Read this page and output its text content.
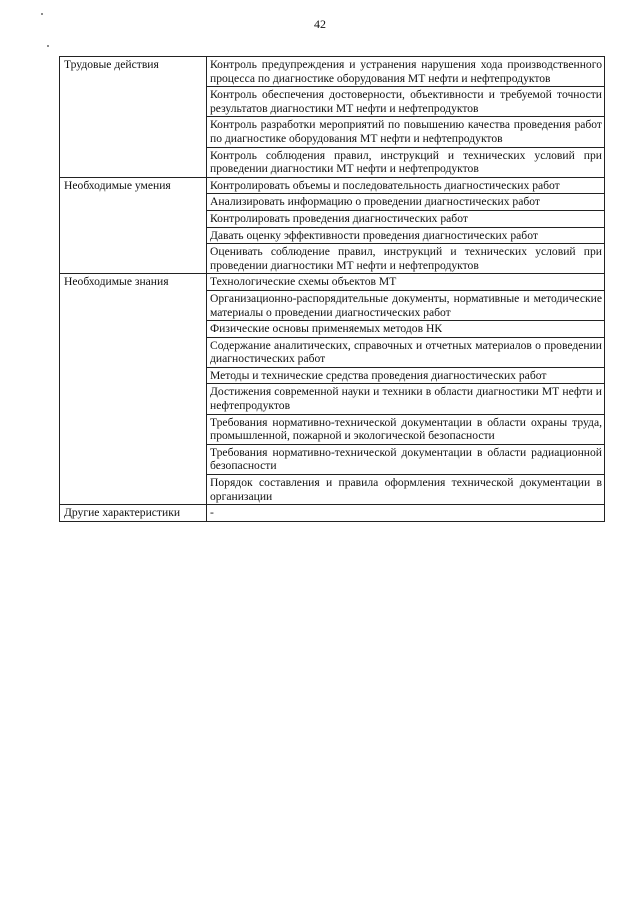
42
Трудовые действия	Контроль предупреждения и устранения нарушения хода производственного процесса по диагностике оборудования МТ нефти и нефтепродуктов
	Контроль обеспечения достоверности, объективности и требуемой точности результатов диагностики МТ нефти и нефтепродуктов
	Контроль разработки мероприятий по повышению качества проведения работ по диагностике оборудования МТ нефти и нефтепродуктов
	Контроль соблюдения правил, инструкций и технических условий при проведении диагностики МТ нефти и нефтепродуктов
Необходимые умения	Контролировать объемы и последовательность диагностических работ
	Анализировать информацию о проведении диагностических работ
	Контролировать проведения диагностических работ
	Давать оценку эффективности проведения диагностических работ
	Оценивать соблюдение правил, инструкций и технических условий при проведении диагностики МТ нефти и нефтепродуктов
Необходимые знания	Технологические схемы объектов МТ
	Организационно-распорядительные документы, нормативные и методические материалы о проведении диагностических работ
	Физические основы применяемых методов НК
	Содержание аналитических, справочных и отчетных материалов о проведении диагностических работ
	Методы и технические средства проведения диагностических работ
	Достижения современной науки и техники в области диагностики МТ нефти и нефтепродуктов
	Требования нормативно-технической документации в области охраны труда, промышленной, пожарной и экологической безопасности
	Требования нормативно-технической документации в области радиационной безопасности
	Порядок составления и правила оформления технической документации в организации
Другие характеристики	-
